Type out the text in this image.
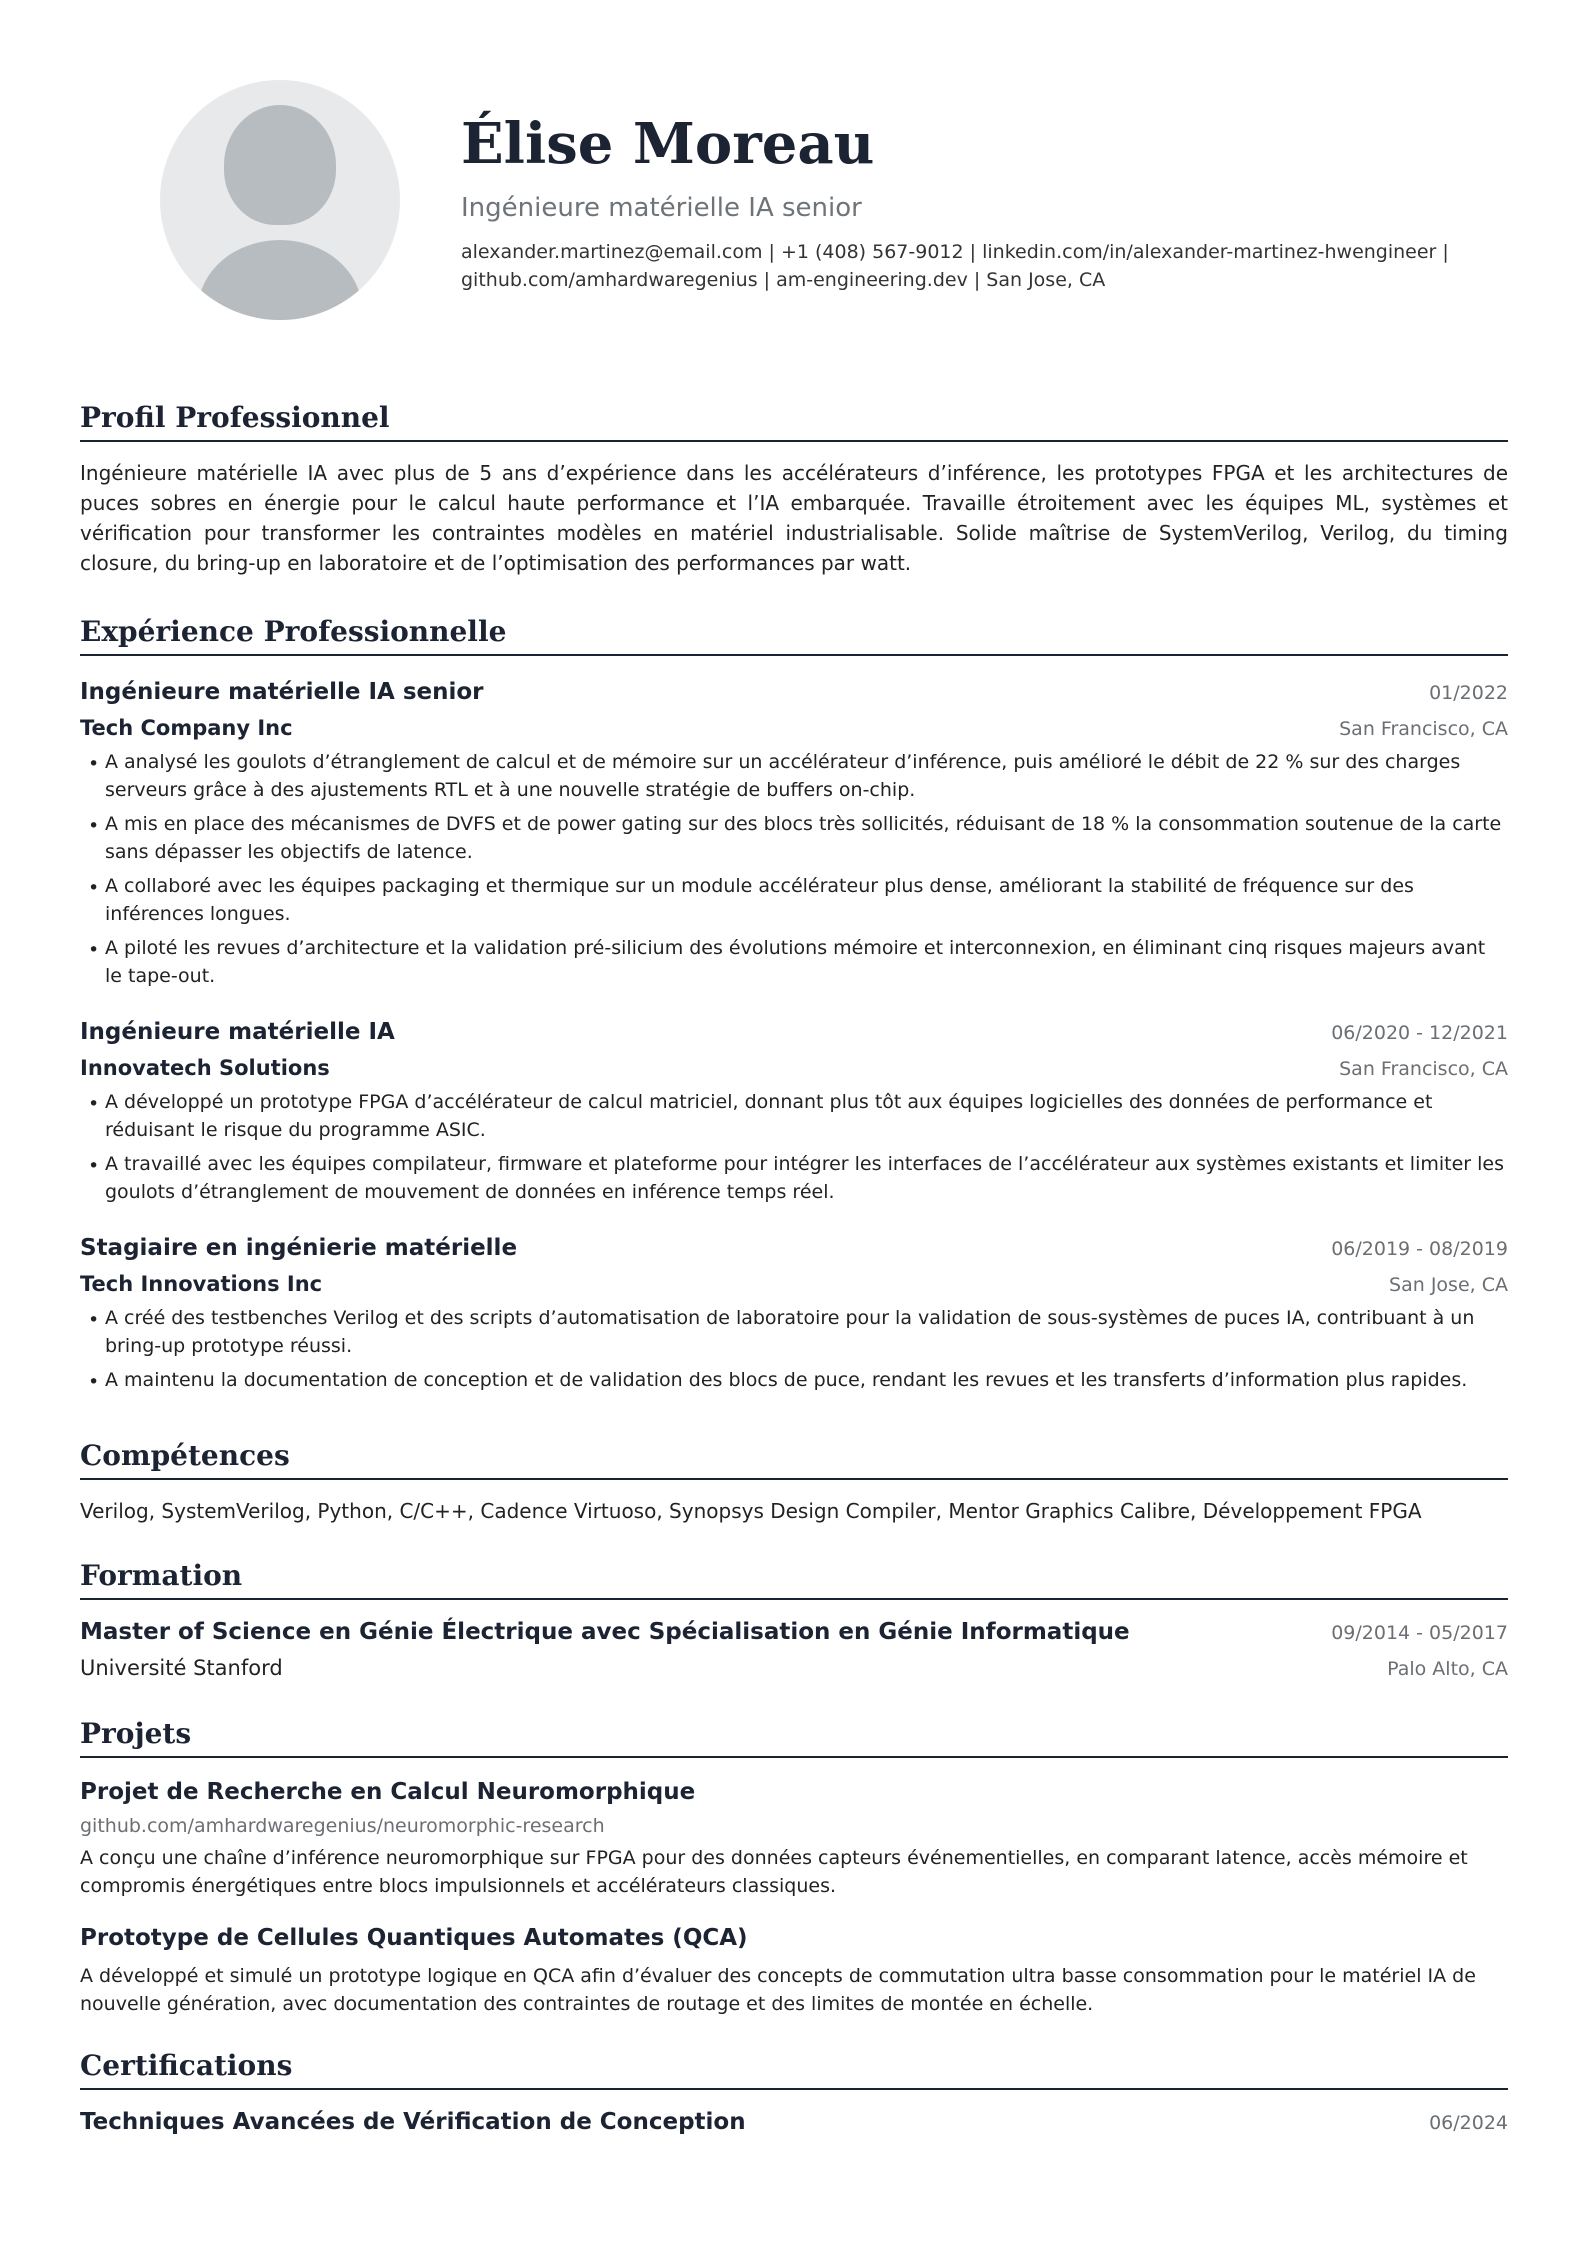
Élise Moreau
Ingénieure matérielle IA senior
alexander.martinez@email.com | +1 (408) 567-9012 | linkedin.com/in/alexander-martinez-hwengineer |
github.com/amhardwaregenius | am-engineering.dev | San Jose, CA
Profil Professionnel

Ingénieure matérielle IA avec plus de 5 ans d’expérience dans les accélérateurs d’inférence, les prototypes FPGA et les architectures de puces sobres en énergie pour le calcul haute performance et l’IA embarquée. Travaille étroitement avec les équipes ML, systèmes et vérification pour transformer les contraintes modèles en matériel industrialisable. Solide maîtrise de SystemVerilog, Verilog, du timing closure, du bring-up en laboratoire et de l’optimisation des performances par watt.

Expérience Professionnelle
Ingénieure matérielle IA senior	01/2022
Tech Company Inc	San Francisco, CA
• A analysé les goulots d’étranglement de calcul et de mémoire sur un accélérateur d’inférence, puis amélioré le débit de 22 % sur des charges serveurs grâce à des ajustements RTL et à une nouvelle stratégie de buffers on-chip.
• A mis en place des mécanismes de DVFS et de power gating sur des blocs très sollicités, réduisant de 18 % la consommation soutenue de la carte sans dépasser les objectifs de latence.
• A collaboré avec les équipes packaging et thermique sur un module accélérateur plus dense, améliorant la stabilité de fréquence sur des inférences longues.
• A piloté les revues d’architecture et la validation pré-silicium des évolutions mémoire et interconnexion, en éliminant cinq risques majeurs avant le tape-out.
Ingénieure matérielle IA	06/2020 - 12/2021
Innovatech Solutions	San Francisco, CA
• A développé un prototype FPGA d’accélérateur de calcul matriciel, donnant plus tôt aux équipes logicielles des données de performance et réduisant le risque du programme ASIC.
• A travaillé avec les équipes compilateur, firmware et plateforme pour intégrer les interfaces de l’accélérateur aux systèmes existants et limiter les goulots d’étranglement de mouvement de données en inférence temps réel.
Stagiaire en ingénierie matérielle	06/2019 - 08/2019
Tech Innovations Inc	San Jose, CA
• A créé des testbenches Verilog et des scripts d’automatisation de laboratoire pour la validation de sous-systèmes de puces IA, contribuant à un bring-up prototype réussi.
• A maintenu la documentation de conception et de validation des blocs de puce, rendant les revues et les transferts d’information plus rapides.
Compétences
Verilog, SystemVerilog, Python, C/C++, Cadence Virtuoso, Synopsys Design Compiler, Mentor Graphics Calibre, Développement FPGA
Formation
Master of Science en Génie Électrique avec Spécialisation en Génie Informatique	09/2014 - 05/2017
Université Stanford	Palo Alto, CA
Projets
Projet de Recherche en Calcul Neuromorphique
github.com/amhardwaregenius/neuromorphic-research
A conçu une chaîne d’inférence neuromorphique sur FPGA pour des données capteurs événementielles, en comparant latence, accès mémoire et compromis énergétiques entre blocs impulsionnels et accélérateurs classiques.
Prototype de Cellules Quantiques Automates (QCA)
A développé et simulé un prototype logique en QCA afin d’évaluer des concepts de commutation ultra basse consommation pour le matériel IA de nouvelle génération, avec documentation des contraintes de routage et des limites de montée en échelle.
Certifications
Techniques Avancées de Vérification de Conception	06/2024
